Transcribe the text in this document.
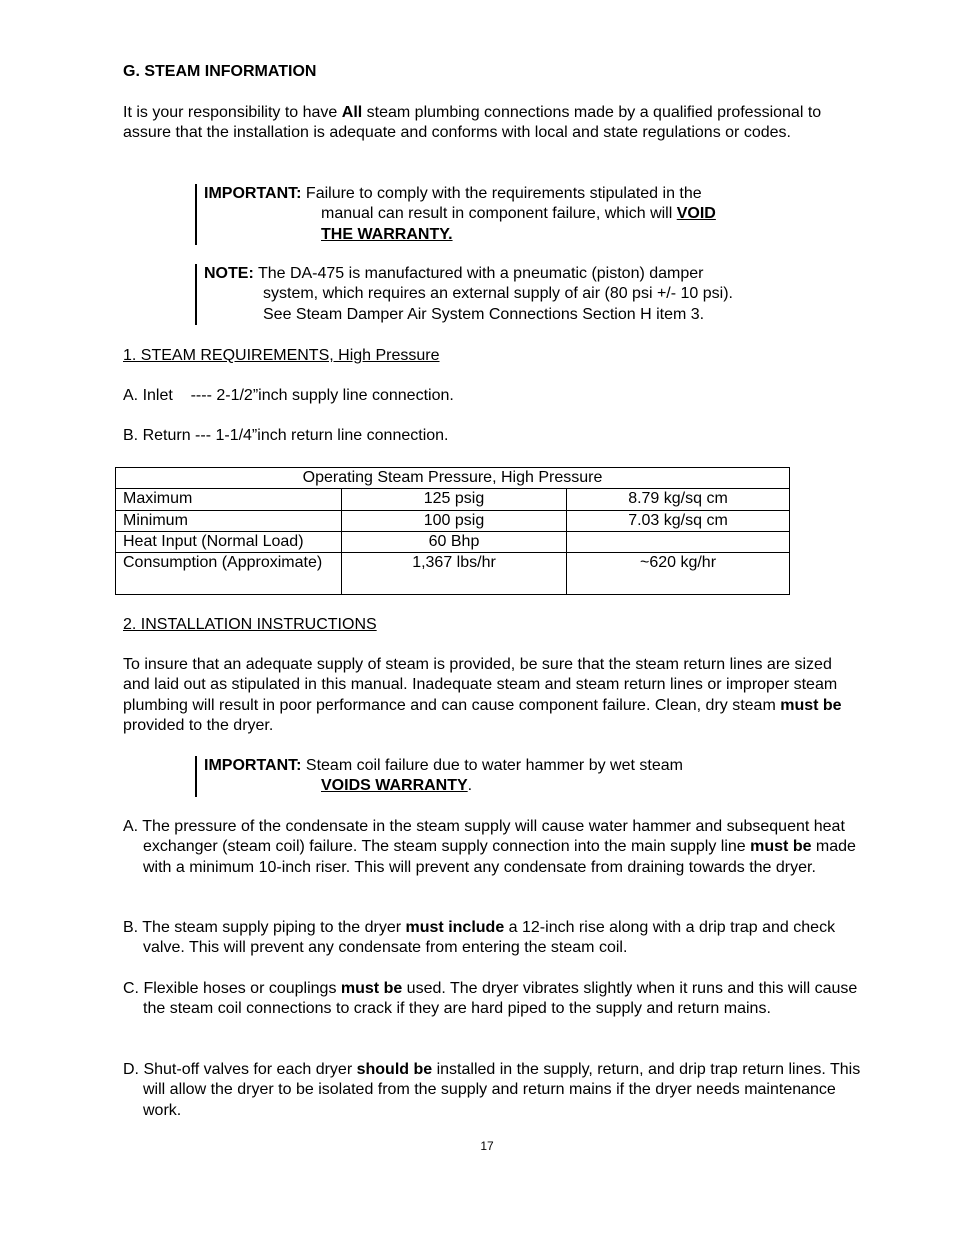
G. STEAM INFORMATION

It is your responsibility to have All steam plumbing connections made by a qualified professional to assure that the installation is adequate and conforms with local and state regulations or codes.

IMPORTANT: Failure to comply with the requirements stipulated in the
manual can result in component failure, which will VOID
THE WARRANTY.
NOTE: The DA-475 is manufactured with a pneumatic (piston) damper
system, which requires an external supply of air (80 psi +/- 10 psi).
See Steam Damper Air System Connections Section H item 3.

1. STEAM REQUIREMENTS, High Pressure

A. Inlet    ---- 2-1/2”inch supply line connection.

B. Return --- 1-1/4”inch return line connection.

Operating Steam Pressure, High Pressure		
Maximum	125 psig	8.79 kg/sq cm
Minimum	100 psig	7.03 kg/sq cm
Heat Input (Normal Load)	60 Bhp	
Consumption (Approximate)	1,367 lbs/hr	~620 kg/hr

2. INSTALLATION INSTRUCTIONS

To insure that an adequate supply of steam is provided, be sure that the steam return lines are sized and laid out as stipulated in this manual. Inadequate steam and steam return lines or improper steam plumbing will result in poor performance and can cause component failure. Clean, dry steam must be provided to the dryer.

IMPORTANT: Steam coil failure due to water hammer by wet steam
VOIDS WARRANTY.

A. The pressure of the condensate in the steam supply will cause water hammer and subsequent heat exchanger (steam coil) failure. The steam supply connection into the main supply line must be made with a minimum 10-inch riser. This will prevent any condensate from draining towards the dryer.

B. The steam supply piping to the dryer must include a 12-inch rise along with a drip trap and check valve. This will prevent any condensate from entering the steam coil.

C. Flexible hoses or couplings must be used. The dryer vibrates slightly when it runs and this will cause the steam coil connections to crack if they are hard piped to the supply and return mains.

D. Shut-off valves for each dryer should be installed in the supply, return, and drip trap return lines. This will allow the dryer to be isolated from the supply and return mains if the dryer needs maintenance work.

17
